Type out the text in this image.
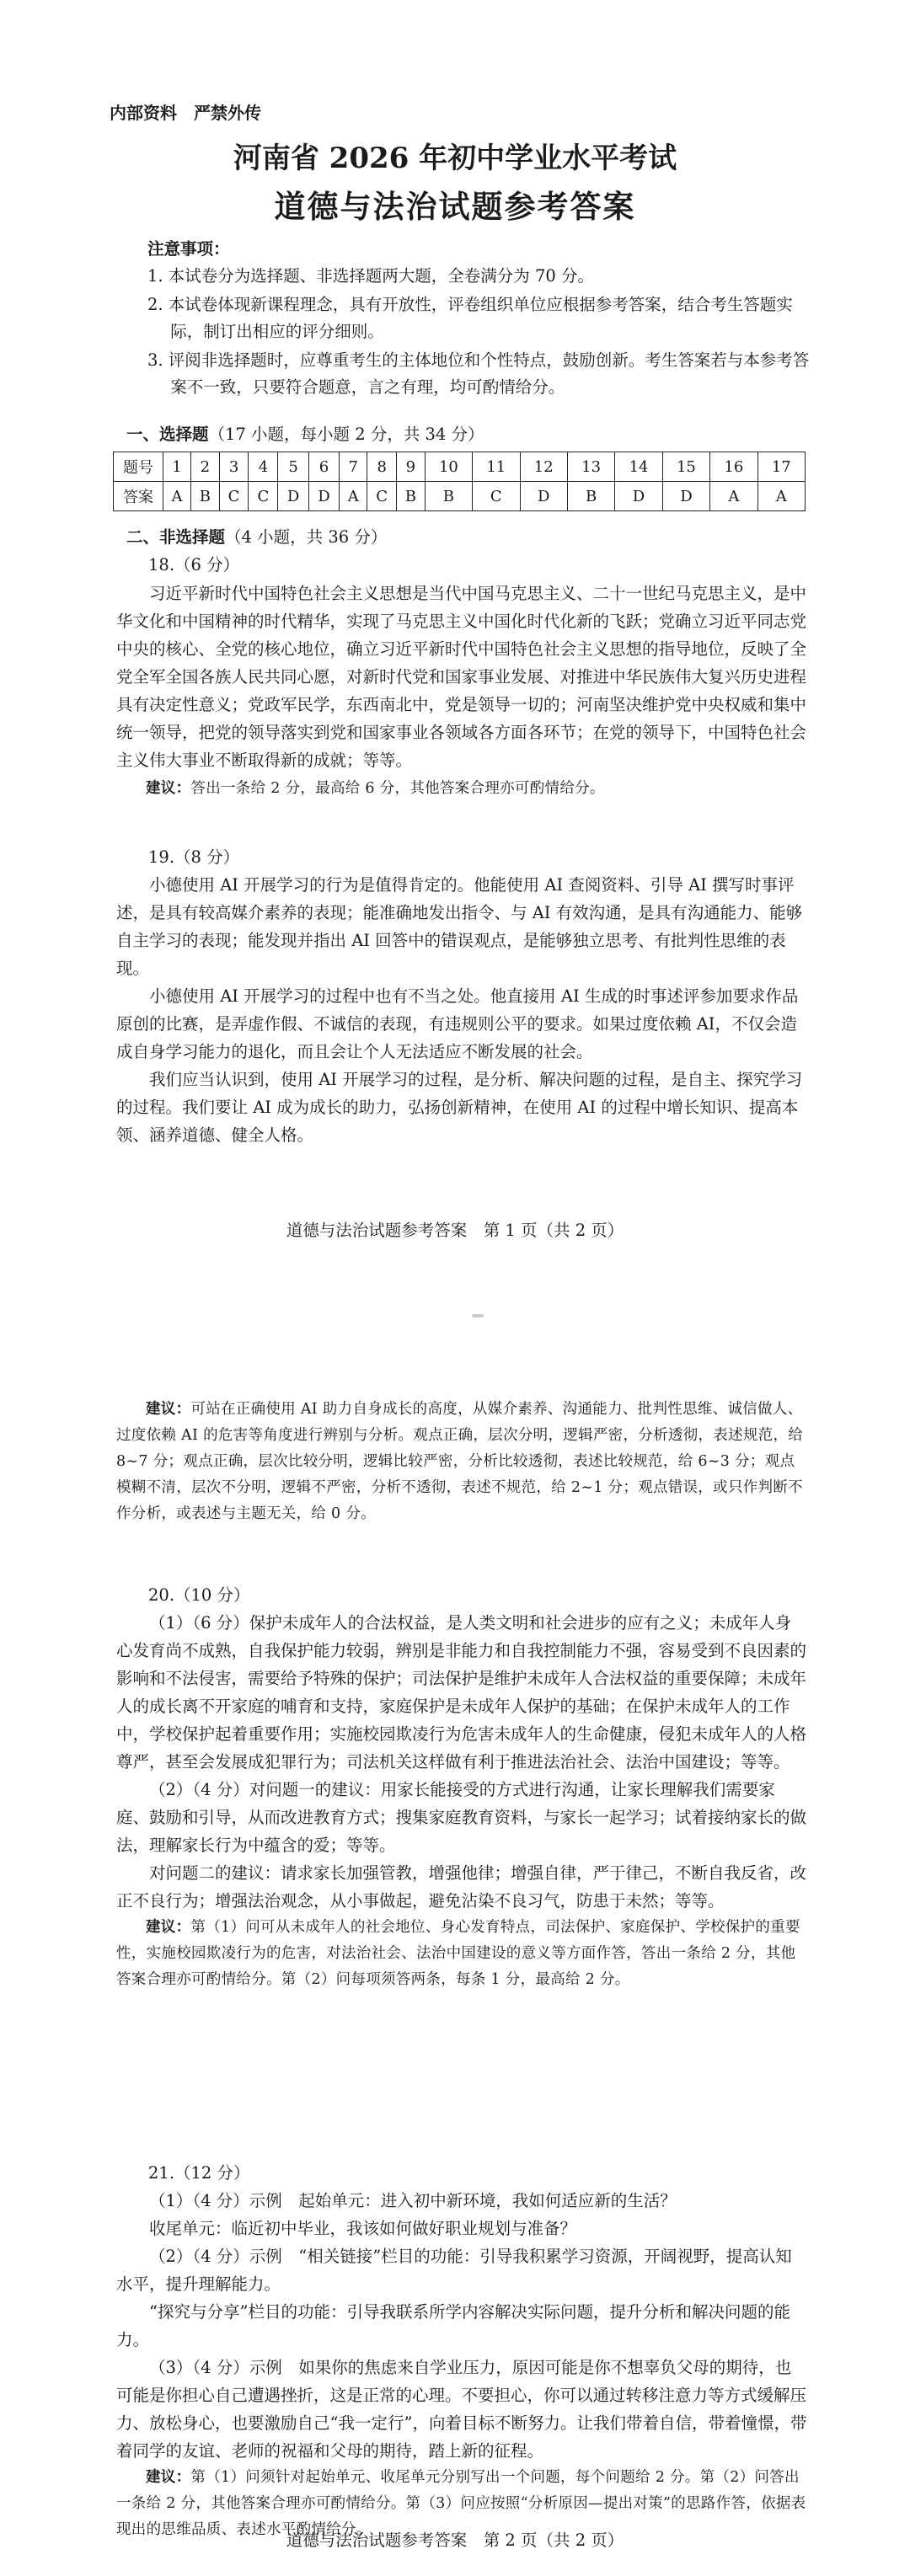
内部资料　严禁外传
河南省 2026 年初中学业水平考试
道德与法治试题参考答案
注意事项：

1. 本试卷分为选择题、非选择题两大题，全卷满分为 70 分。

2. 本试卷体现新课程理念，具有开放性，评卷组织单位应根据参考答案，结合考生答题实际，制订出相应的评分细则。

3. 评阅非选择题时，应尊重考生的主体地位和个性特点，鼓励创新。考生答案若与本参考答案不一致，只要符合题意，言之有理，均可酌情给分。

一、选择题（17 小题，每小题 2 分，共 34 分）
题号	1	2	3	4	5	6	7	8	9	10	11	12	13	14	15	16	17
答案	A	B	C	C	D	D	A	C	B	B	C	D	B	D	D	A	A
二、非选择题（4 小题，共 36 分）
18.（6 分）

习近平新时代中国特色社会主义思想是当代中国马克思主义、二十一世纪马克思主义，是中华文化和中国精神的时代精华，实现了马克思主义中国化时代化新的飞跃；党确立习近平同志党中央的核心、全党的核心地位，确立习近平新时代中国特色社会主义思想的指导地位，反映了全党全军全国各族人民共同心愿，对新时代党和国家事业发展、对推进中华民族伟大复兴历史进程具有决定性意义；党政军民学，东西南北中，党是领导一切的；河南坚决维护党中央权威和集中统一领导，把党的领导落实到党和国家事业各领域各方面各环节；在党的领导下，中国特色社会主义伟大事业不断取得新的成就；等等。

建议：答出一条给 2 分，最高给 6 分，其他答案合理亦可酌情给分。

19.（8 分）

小德使用 AI 开展学习的行为是值得肯定的。他能使用 AI 查阅资料、引导 AI 撰写时事评述，是具有较高媒介素养的表现；能准确地发出指令、与 AI 有效沟通，是具有沟通能力、能够自主学习的表现；能发现并指出 AI 回答中的错误观点，是能够独立思考、有批判性思维的表现。

小德使用 AI 开展学习的过程中也有不当之处。他直接用 AI 生成的时事述评参加要求作品原创的比赛，是弄虚作假、不诚信的表现，有违规则公平的要求。如果过度依赖 AI，不仅会造成自身学习能力的退化，而且会让个人无法适应不断发展的社会。

我们应当认识到，使用 AI 开展学习的过程，是分析、解决问题的过程，是自主、探究学习的过程。我们要让 AI 成为成长的助力，弘扬创新精神，在使用 AI 的过程中增长知识、提高本领、涵养道德、健全人格。

道德与法治试题参考答案　第 1 页（共 2 页）

建议：可站在正确使用 AI 助力自身成长的高度，从媒介素养、沟通能力、批判性思维、诚信做人、过度依赖 AI 的危害等角度进行辨别与分析。观点正确，层次分明，逻辑严密，分析透彻，表述规范，给 8~7 分；观点正确，层次比较分明，逻辑比较严密，分析比较透彻，表述比较规范，给 6~3 分；观点模糊不清，层次不分明，逻辑不严密，分析不透彻，表述不规范，给 2~1 分；观点错误，或只作判断不作分析，或表述与主题无关，给 0 分。

20.（10 分）

（1）（6 分）保护未成年人的合法权益，是人类文明和社会进步的应有之义；未成年人身心发育尚不成熟，自我保护能力较弱，辨别是非能力和自我控制能力不强，容易受到不良因素的影响和不法侵害，需要给予特殊的保护；司法保护是维护未成年人合法权益的重要保障；未成年人的成长离不开家庭的哺育和支持，家庭保护是未成年人保护的基础；在保护未成年人的工作中，学校保护起着重要作用；实施校园欺凌行为危害未成年人的生命健康，侵犯未成年人的人格尊严，甚至会发展成犯罪行为；司法机关这样做有利于推进法治社会、法治中国建设；等等。

（2）（4 分）对问题一的建议：用家长能接受的方式进行沟通，让家长理解我们需要家庭、鼓励和引导，从而改进教育方式；搜集家庭教育资料，与家长一起学习；试着接纳家长的做法，理解家长行为中蕴含的爱；等等。

对问题二的建议：请求家长加强管教，增强他律；增强自律，严于律己，不断自我反省，改正不良行为；增强法治观念，从小事做起，避免沾染不良习气，防患于未然；等等。

建议：第（1）问可从未成年人的社会地位、身心发育特点，司法保护、家庭保护、学校保护的重要性，实施校园欺凌行为的危害，对法治社会、法治中国建设的意义等方面作答，答出一条给 2 分，其他答案合理亦可酌情给分。第（2）问每项须答两条，每条 1 分，最高给 2 分。

21.（12 分）

（1）（4 分）示例　起始单元：进入初中新环境，我如何适应新的生活？

收尾单元：临近初中毕业，我该如何做好职业规划与准备？

（2）（4 分）示例　“相关链接”栏目的功能：引导我积累学习资源，开阔视野，提高认知水平，提升理解能力。

“探究与分享”栏目的功能：引导我联系所学内容解决实际问题，提升分析和解决问题的能力。

（3）（4 分）示例　如果你的焦虑来自学业压力，原因可能是你不想辜负父母的期待，也可能是你担心自己遭遇挫折，这是正常的心理。不要担心，你可以通过转移注意力等方式缓解压力、放松身心，也要激励自己“我一定行”，向着目标不断努力。让我们带着自信，带着憧憬，带着同学的友谊、老师的祝福和父母的期待，踏上新的征程。

建议：第（1）问须针对起始单元、收尾单元分别写出一个问题，每个问题给 2 分。第（2）问答出一条给 2 分，其他答案合理亦可酌情给分。第（3）问应按照“分析原因—提出对策”的思路作答，依据表现出的思维品质、表述水平酌情给分。

道德与法治试题参考答案　第 2 页（共 2 页）
